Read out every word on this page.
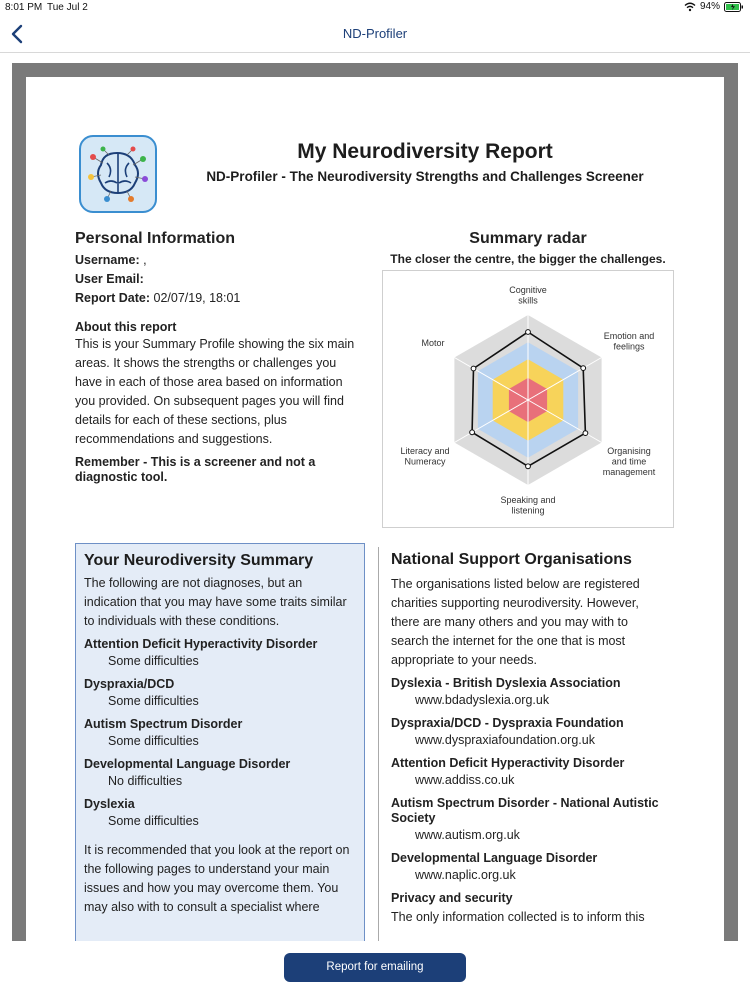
8:01 PM Tue Jul 2	94%
ND-Profiler
My Neurodiversity Report
ND-Profiler - The Neurodiversity Strengths and Challenges Screener
Personal Information
Username: ,
User Email:
Report Date: 02/07/19, 18:01
About this report
This is your Summary Profile showing the six main areas. It shows the strengths or challenges you have in each of those area based on information you provided. On subsequent pages you will find details for each of these sections, plus recommendations and suggestions.
Remember - This is a screener and not a diagnostic tool.
Summary radar
The closer the centre, the bigger the challenges.
Cognitive skills
Emotion and feelings
Organising and time management
Speaking and listening
Literacy and Numeracy
Motor
Your Neurodiversity Summary
The following are not diagnoses, but an indication that you may have some traits similar to individuals with these conditions.
Attention Deficit Hyperactivity Disorder
Some difficulties
Dyspraxia/DCD
Some difficulties
Autism Spectrum Disorder
Some difficulties
Developmental Language Disorder
No difficulties
Dyslexia
Some difficulties
It is recommended that you look at the report on the following pages to understand your main issues and how you may overcome them. You may also with to consult a specialist where
National Support Organisations
The organisations listed below are registered charities supporting neurodiversity. However, there are many others and you may with to search the internet for the one that is most appropriate to your needs.
Dyslexia - British Dyslexia Association
www.bdadyslexia.org.uk
Dyspraxia/DCD - Dyspraxia Foundation
www.dyspraxiafoundation.org.uk
Attention Deficit Hyperactivity Disorder
www.addiss.co.uk
Autism Spectrum Disorder - National Autistic Society
www.autism.org.uk
Developmental Language Disorder
www.naplic.org.uk
Privacy and security
The only information collected is to inform this
Report for emailing
